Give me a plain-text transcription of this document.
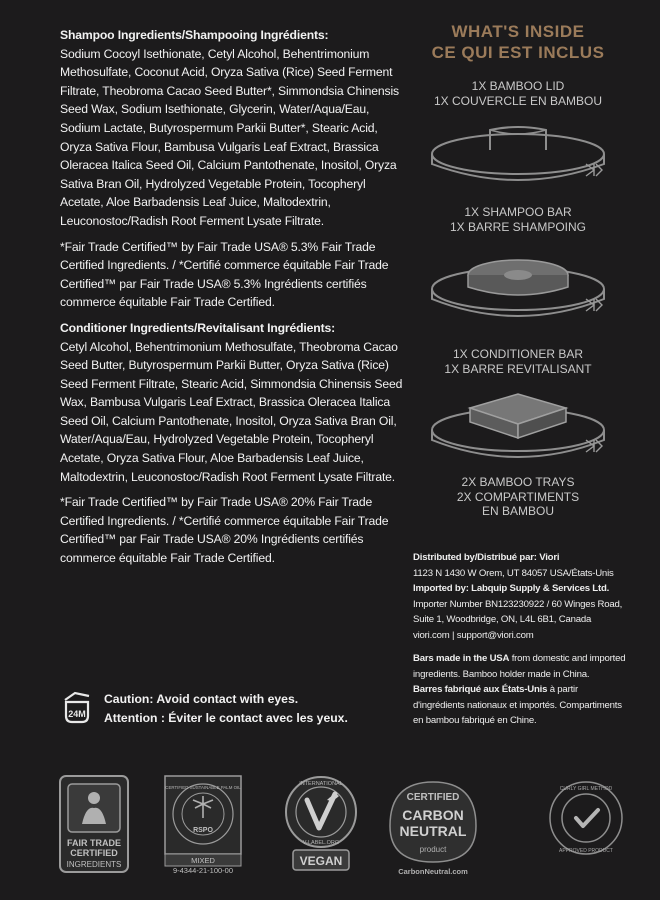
Shampoo Ingredients/Shampooing Ingrédients:

Sodium Cocoyl Isethionate, Cetyl Alcohol, Behentrimonium Methosulfate, Coconut Acid, Oryza Sativa (Rice) Seed Ferment Filtrate, Theobroma Cacao Seed Butter*, Simmondsia Chinensis Seed Wax, Sodium Isethionate, Glycerin, Water/Aqua/Eau, Sodium Lactate, Butyrospermum Parkii Butter*, Stearic Acid, Oryza Sativa Flour, Bambusa Vulgaris Leaf Extract, Brassica Oleracea Italica Seed Oil, Calcium Pantothenate, Inositol, Oryza Sativa Bran Oil, Hydrolyzed Vegetable Protein, Tocopheryl Acetate, Aloe Barbadensis Leaf Juice, Maltodextrin, Leuconostoc/Radish Root Ferment Lysate Filtrate.

*Fair Trade Certified™ by Fair Trade USA® 5.3% Fair Trade Certified Ingredients. / *Certifié commerce équitable Fair Trade Certified™ par Fair Trade USA® 5.3% Ingrédients certifiés commerce équitable Fair Trade Certified.

Conditioner Ingredients/Revitalisant Ingrédients:

Cetyl Alcohol, Behentrimonium Methosulfate, Theobroma Cacao Seed Butter, Butyrospermum Parkii Butter, Oryza Sativa (Rice) Seed Ferment Filtrate, Stearic Acid, Simmondsia Chinensis Seed Wax, Bambusa Vulgaris Leaf Extract, Brassica Oleracea Italica Seed Oil, Calcium Pantothenate, Inositol, Oryza Sativa Bran Oil, Water/Aqua/Eau, Hydrolyzed Vegetable Protein, Tocopheryl Acetate, Oryza Sativa Flour, Aloe Barbadensis Leaf Juice, Maltodextrin, Leuconostoc/Radish Root Ferment Lysate Filtrate.

*Fair Trade Certified™ by Fair Trade USA® 20% Fair Trade Certified Ingredients. / *Certifié commerce équitable Fair Trade Certified™ par Fair Trade USA® 20% Ingrédients certifiés commerce équitable Fair Trade Certified.

24M
Caution: Avoid contact with eyes.
Attention : Éviter le contact avec les yeux.
WHAT'S INSIDE
CE QUI EST INCLUS
1X BAMBOO LID
1X COUVERCLE EN BAMBOU
1X SHAMPOO BAR
1X BARRE SHAMPOING
1X CONDITIONER BAR
1X BARRE REVITALISANT
2X BAMBOO TRAYS
2X COMPARTIMENTS
EN BAMBOU

Distributed by/Distribué par: Viori
1123 N 1430 W Orem, UT 84057 USA/États-Unis
Imported by: Labquip Supply & Services Ltd.
Importer Number BN123230922 / 60 Winges Road, Suite 1, Woodbridge, ON, L4L 6B1, Canada
viori.com | support@viori.com

Bars made in the USA from domestic and imported ingredients. Bamboo holder made in China.
Barres fabriqué aux États-Unis à partir d'ingrédients nationaux et importés. Compartiments en bambou fabriqué en Chine.

FAIR TRADE
CERTIFIED
INGREDIENTS
RSPO
CERTIFIED SUSTAINABLE PALM OIL
MIXED
9-4344-21-100-00
INTERNATIONAL
V-LABEL.ORG
VEGAN
CERTIFIED
CARBON
NEUTRAL
product
CarbonNeutral.com
CURLY GIRL METHOD
APPROVED PRODUCT
